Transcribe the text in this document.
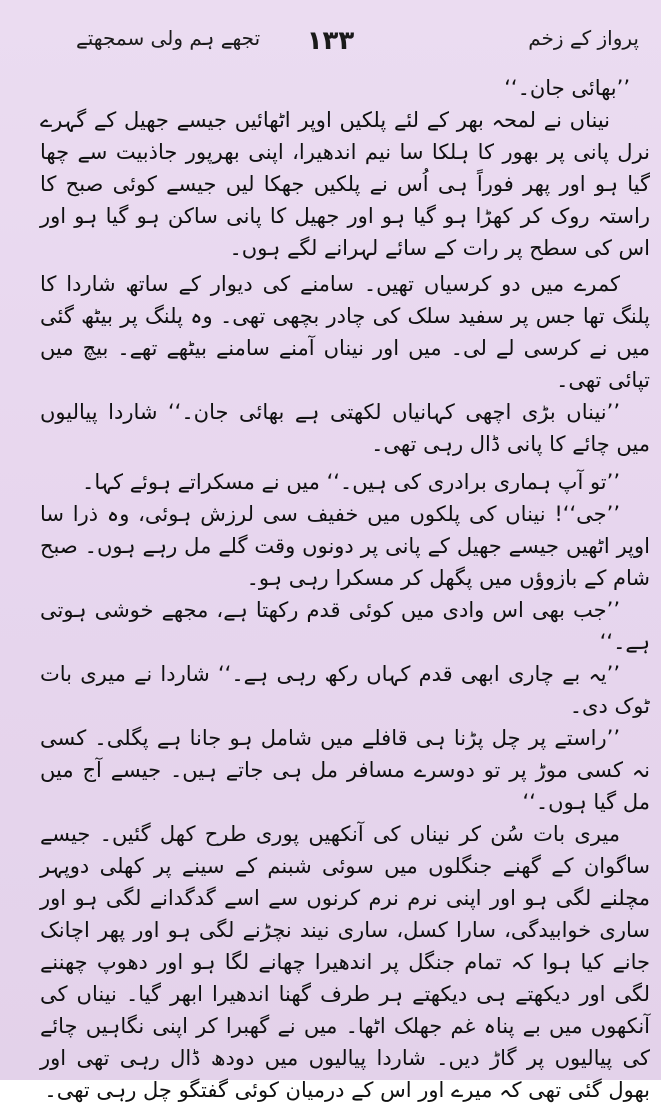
پرواز کے زخم
۱۳۳
تجھے ہم ولی سمجھتے

’’بھائی جان۔‘‘

نیناں نے لمحہ بھر کے لئے پلکیں اوپر اٹھائیں جیسے جھیل کے گہرے نرل پانی پر بھور کا ہلکا سا نیم اندھیرا، اپنی بھرپور جاذبیت سے چھا گیا ہو اور پھر فوراً ہی اُس نے پلکیں جھکا لیں جیسے کوئی صبح کا راستہ روک کر کھڑا ہو گیا ہو اور جھیل کا پانی ساکن ہو گیا ہو اور اس کی سطح پر رات کے سائے لہرانے لگے ہوں۔

کمرے میں دو کرسیاں تھیں۔ سامنے کی دیوار کے ساتھ شاردا کا پلنگ تھا جس پر سفید سلک کی چادر بچھی تھی۔ وہ پلنگ پر بیٹھ گئی میں نے کرسی لے لی۔ میں اور نیناں آمنے سامنے بیٹھے تھے۔ بیچ میں تپائی تھی۔

’’نیناں بڑی اچھی کہانیاں لکھتی ہے بھائی جان۔‘‘ شاردا پیالیوں میں چائے کا پانی ڈال رہی تھی۔

’’تو آپ ہماری برادری کی ہیں۔‘‘ میں نے مسکراتے ہوئے کہا۔

’’جی‘‘! نیناں کی پلکوں میں خفیف سی لرزش ہوئی، وہ ذرا سا اوپر اٹھیں جیسے جھیل کے پانی پر دونوں وقت گلے مل رہے ہوں۔ صبح شام کے بازوؤں میں پگھل کر مسکرا رہی ہو۔

’’جب بھی اس وادی میں کوئی قدم رکھتا ہے، مجھے خوشی ہوتی ہے۔‘‘

’’یہ بے چاری ابھی قدم کہاں رکھ رہی ہے۔‘‘ شاردا نے میری بات ٹوک دی۔

’’راستے پر چل پڑنا ہی قافلے میں شامل ہو جانا ہے پگلی۔ کسی نہ کسی موڑ پر تو دوسرے مسافر مل ہی جاتے ہیں۔ جیسے آج میں مل گیا ہوں۔‘‘

میری بات سُن کر نیناں کی آنکھیں پوری طرح کھل گئیں۔ جیسے ساگوان کے گھنے جنگلوں میں سوئی شبنم کے سینے پر کھلی دوپہر مچلنے لگی ہو اور اپنی نرم نرم کرنوں سے اسے گدگدانے لگی ہو اور ساری خوابیدگی، سارا کسل، ساری نیند نچڑنے لگی ہو اور پھر اچانک جانے کیا ہوا کہ تمام جنگل پر اندھیرا چھانے لگا ہو اور دھوپ چھننے لگی اور دیکھتے ہی دیکھتے ہر طرف گھنا اندھیرا ابھر گیا۔ نیناں کی آنکھوں میں بے پناہ غم جھلک اٹھا۔ میں نے گھبرا کر اپنی نگاہیں چائے کی پیالیوں پر گاڑ دیں۔ شاردا پیالیوں میں دودھ ڈال رہی تھی اور بھول گئی تھی کہ میرے اور اس کے درمیان کوئی گفتگو چل رہی تھی۔
